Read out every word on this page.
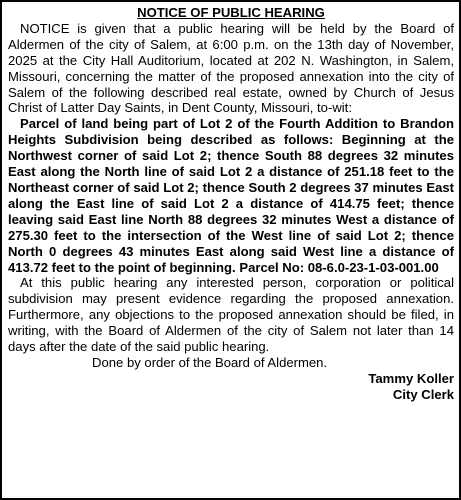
NOTICE OF PUBLIC HEARING

NOTICE is given that a public hearing will be held by the Board of Aldermen of the city of Salem, at 6:00 p.m. on the 13th day of November, 2025 at the City Hall Auditorium, located at 202 N. Washington, in Salem, Missouri, concerning the matter of the proposed annexation into the city of Salem of the following described real estate, owned by Church of Jesus Christ of Latter Day Saints, in Dent County, Missouri, to-wit:

Parcel of land being part of Lot 2 of the Fourth Addition to Brandon Heights Subdivision being described as follows: Beginning at the Northwest corner of said Lot 2; thence South 88 degrees 32 minutes East along the North line of said Lot 2 a distance of 251.18 feet to the Northeast corner of said Lot 2; thence South 2 degrees 37 minutes East along the East line of said Lot 2 a distance of 414.75 feet; thence leaving said East line North 88 degrees 32 minutes West a distance of 275.30 feet to the intersection of the West line of said Lot 2; thence North 0 degrees 43 minutes East along said West line a distance of 413.72 feet to the point of beginning. Parcel No: 08-6.0-23-1-03-001.00

At this public hearing any interested person, corporation or political subdivision may present evidence regarding the proposed annexation. Furthermore, any objections to the proposed annexation should be filed, in writing, with the Board of Aldermen of the city of Salem not later than 14 days after the date of the said public hearing.

Done by order of the Board of Aldermen.

Tammy Koller

City Clerk
